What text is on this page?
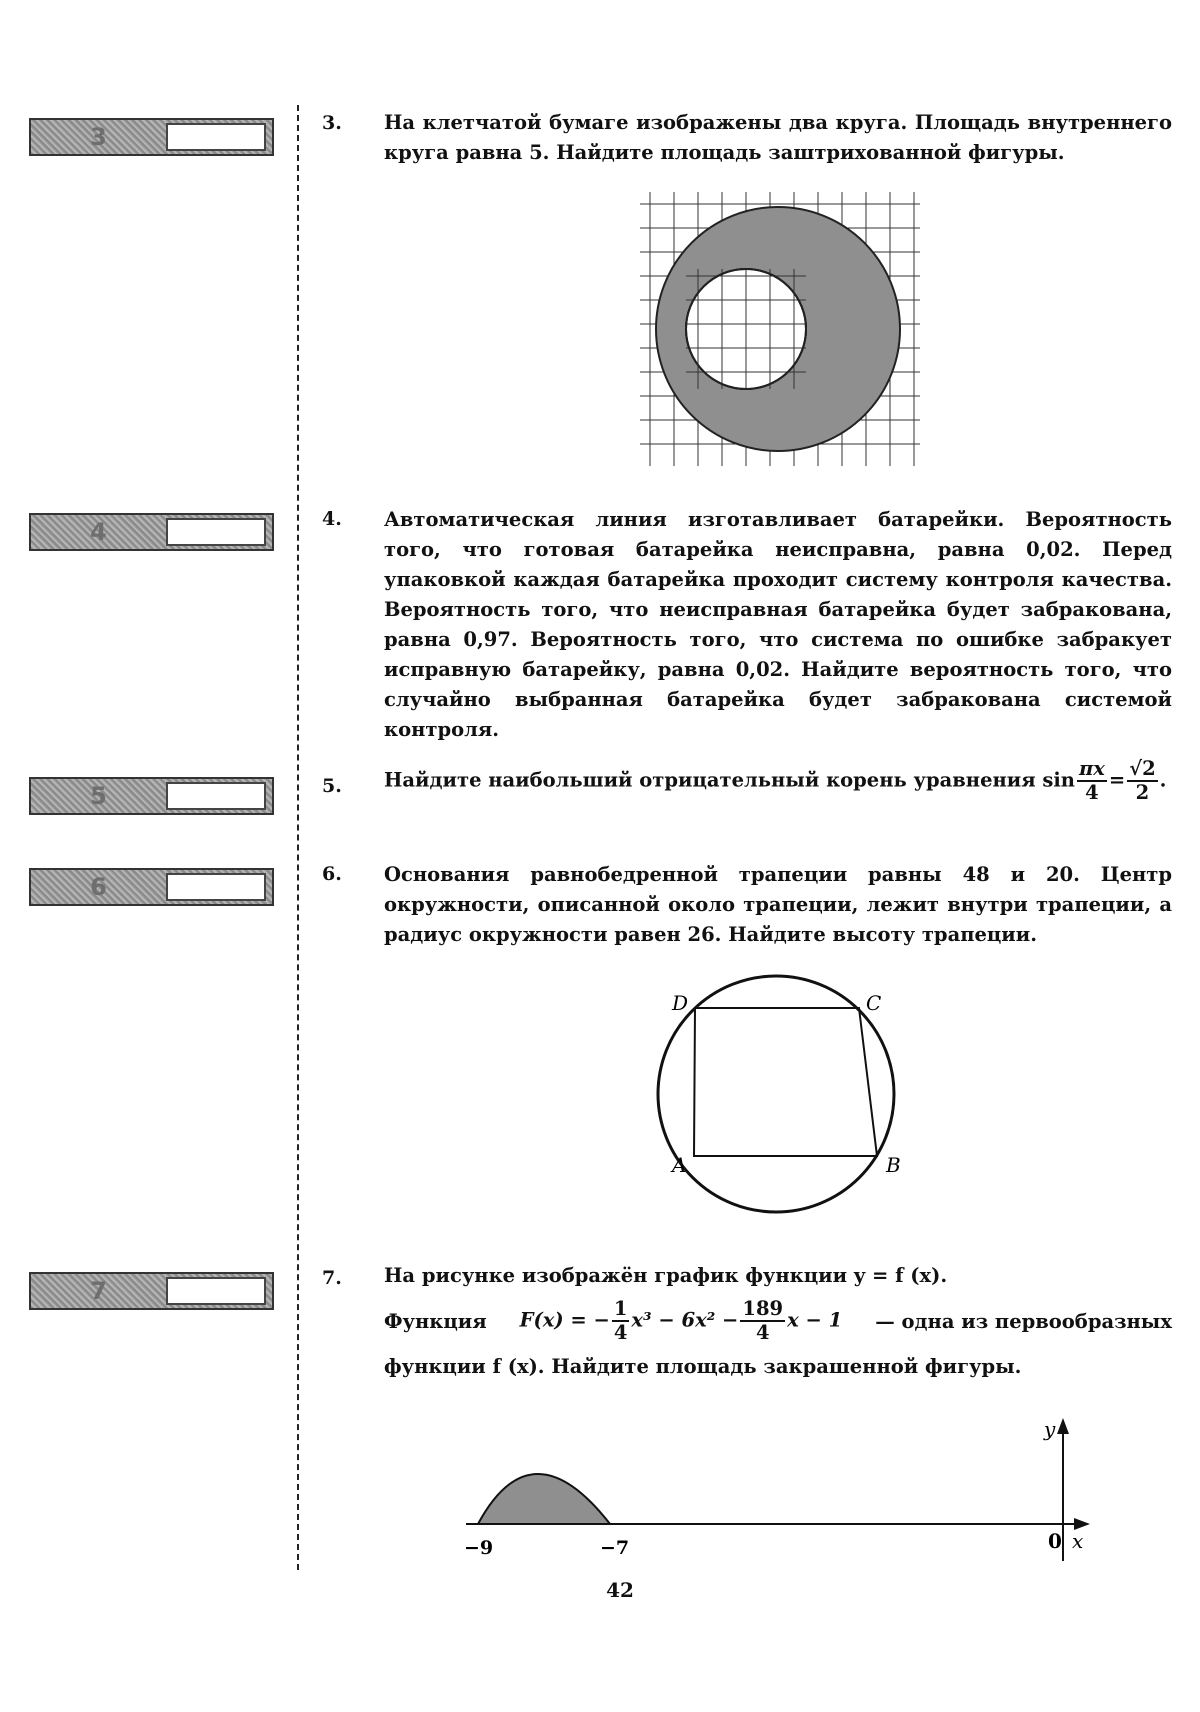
3
4
5
6
7
3. На клетчатой бумаге изображены два круга. Площадь внутреннего круга равна 5. Найдите площадь заштрихованной фигуры.
4. Автоматическая линия изготавливает батарейки. Вероятность того, что готовая батарейка неисправна, равна 0,02. Перед упаковкой каждая батарейка проходит систему контроля качества. Вероятность того, что неисправная батарейка будет забракована, равна 0,97. Вероятность того, что система по ошибке забракует исправную батарейку, равна 0,02. Найдите вероятность того, что случайно выбранная батарейка будет забракована системой контроля.
5. Найдите наибольший отрицательный корень уравнения $\sin \frac{\pi x}{4} = \frac{√2}{2}$ .
6. Основания равнобедренной трапеции равны 48 и 20. Центр окружности, описанной около трапеции, лежит внутри трапеции, а радиус окружности равен 26. Найдите высоту трапеции.
A	B
C
D
7. На рисунке изображён график функции y = f (x).
Функция F(x) = − $\frac{1}{4} x^3 - 6x^2 - \frac{189}{4}$ x − 1 — одна из первообразных
функции f (x). Найдите площадь закрашенной фигуры.
y
x
0
−9	−7
42
